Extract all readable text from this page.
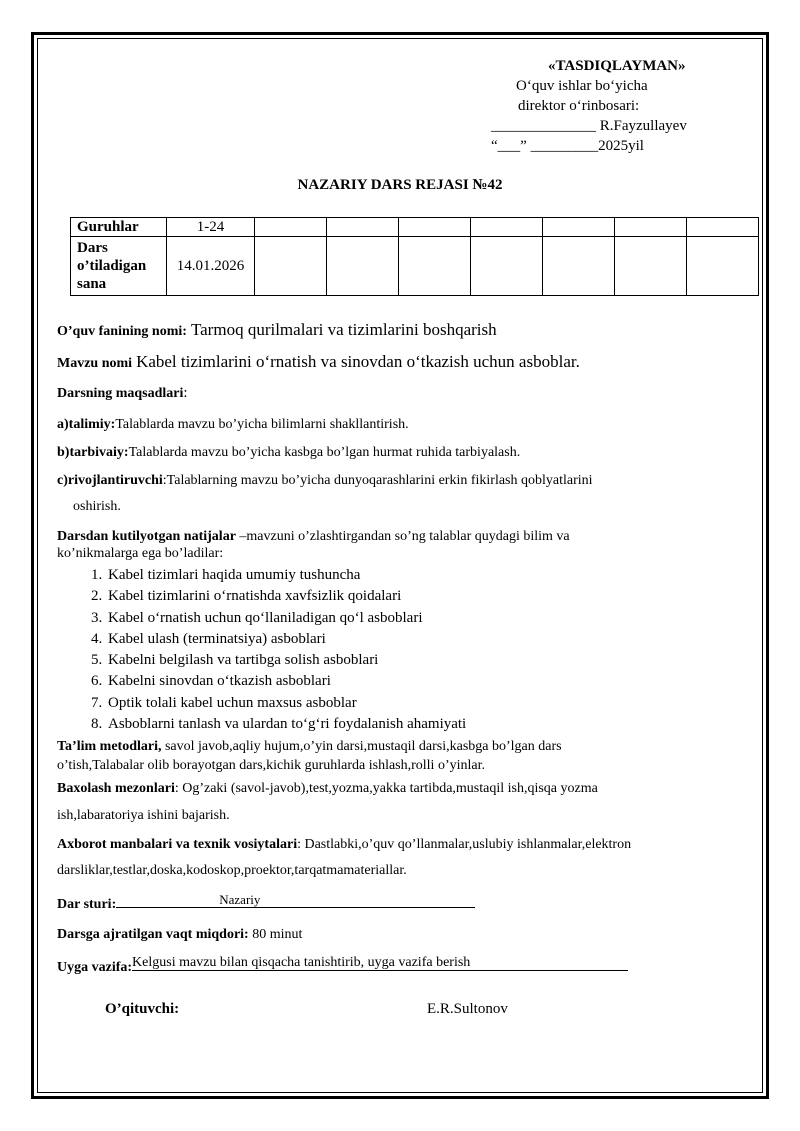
«TASDIQLAYMAN»
O‘quv ishlar bo‘yicha
direktor o‘rinbosari:
______________ R.Fayzullayev
“___” _________2025yil
NAZARIY DARS REJASI №42
Guruhlar	1-24							
Dars o’tiladigan sana	14.01.2026							
O’quv fanining nomi: Tarmoq qurilmalari va tizimlarini boshqarish
Mavzu nomi Kabel tizimlarini o‘rnatish va sinovdan o‘tkazish uchun asboblar.
Darsning maqsadlari:
a)talimiy:Talablarda mavzu bo’yicha bilimlarni shakllantirish.
b)tarbivaiy:Talablarda mavzu bo’yicha kasbga bo’lgan hurmat ruhida tarbiyalash.
c)rivojlantiruvchi:Talablarning mavzu bo’yicha dunyoqarashlarini erkin fikirlash qoblyatlarini
oshirish.
Darsdan kutilyotgan natijalar –mavzuni o’zlashtirgandan so’ng talablar quydagi bilim va
ko’nikmalarga ega bo’ladilar:
1. Kabel tizimlari haqida umumiy tushuncha
2. Kabel tizimlarini o‘rnatishda xavfsizlik qoidalari
3. Kabel o‘rnatish uchun qo‘llaniladigan qo‘l asboblari
4. Kabel ulash (terminatsiya) asboblari
5. Kabelni belgilash va tartibga solish asboblari
6. Kabelni sinovdan o‘tkazish asboblari
7. Optik tolali kabel uchun maxsus asboblar
8. Asboblarni tanlash va ulardan to‘g‘ri foydalanish ahamiyati
Ta’lim metodlari, savol javob,aqliy hujum,o’yin darsi,mustaqil darsi,kasbga bo’lgan dars
o’tish,Talabalar olib borayotgan dars,kichik guruhlarda ishlash,rolli o’yinlar.
Baxolash mezonlari: Og’zaki (savol-javob),test,yozma,yakka tartibda,mustaqil ish,qisqa yozma
ish,labaratoriya ishini bajarish.
Axborot manbalari va texnik vosiytalari: Dastlabki,o’quv qo’llanmalar,uslubiy ishlanmalar,elektron
darsliklar,testlar,doska,kodoskop,proektor,tarqatmamateriallar.
Dar sturi:	Nazariy
Darsga ajratilgan vaqt miqdori: 80 minut
Uyga vazifa: Kelgusi mavzu bilan qisqacha tanishtirib, uyga vazifa berish
O’qituvchi:	E.R.Sultonov
